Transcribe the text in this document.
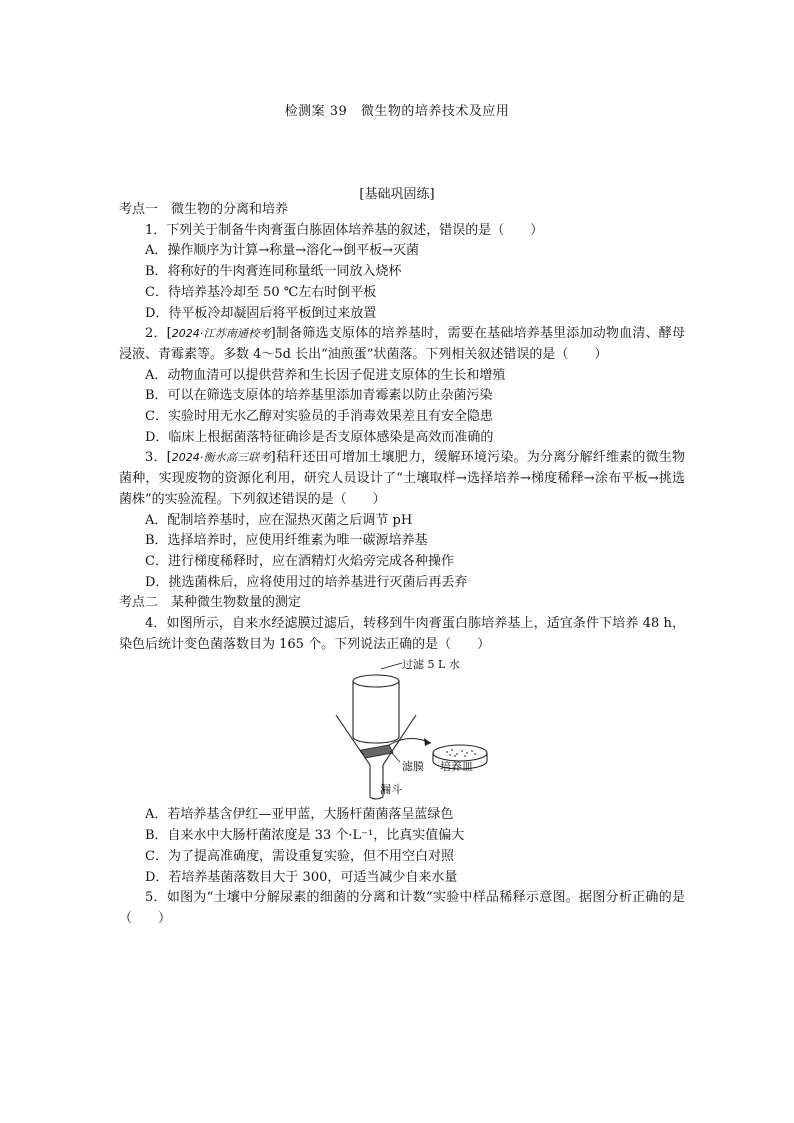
检测案 39　微生物的培养技术及应用
[基础巩固练]
考点一　微生物的分离和培养
1．下列关于制备牛肉膏蛋白胨固体培养基的叙述，错误的是（　　）
A．操作顺序为计算→称量→溶化→倒平板→灭菌
B．将称好的牛肉膏连同称量纸一同放入烧杯
C．待培养基冷却至 50 ℃左右时倒平板
D．待平板冷却凝固后将平板倒过来放置
2．[2024·江苏南通校考]制备筛选支原体的培养基时，需要在基础培养基里添加动物血清、酵母浸液、青霉素等。多数 4～5d 长出“油煎蛋”状菌落。下列相关叙述错误的是（　　）
A．动物血清可以提供营养和生长因子促进支原体的生长和增殖
B．可以在筛选支原体的培养基里添加青霉素以防止杂菌污染
C．实验时用无水乙醇对实验员的手消毒效果差且有安全隐患
D．临床上根据菌落特征确诊是否支原体感染是高效而准确的
3．[2024·衡水高三联考]秸秆还田可增加土壤肥力，缓解环境污染。为分离分解纤维素的微生物菌种，实现废物的资源化利用，研究人员设计了“土壤取样→选择培养→梯度稀释→涂布平板→挑选菌株”的实验流程。下列叙述错误的是（　　）
A．配制培养基时，应在湿热灭菌之后调节 pH
B．选择培养时，应使用纤维素为唯一碳源培养基
C．进行梯度稀释时，应在酒精灯火焰旁完成各种操作
D．挑选菌株后，应将使用过的培养基进行灭菌后再丢弃
考点二　某种微生物数量的测定
4．如图所示，自来水经滤膜过滤后，转移到牛肉膏蛋白胨培养基上，适宜条件下培养 48 h，染色后统计变色菌落数目为 165 个。下列说法正确的是（　　）
过滤 5 L 水
滤膜 培养皿
漏斗
A．若培养基含伊红—亚甲蓝，大肠杆菌菌落呈蓝绿色
B．自来水中大肠杆菌浓度是 33 个·L⁻¹，比真实值偏大
C．为了提高准确度，需设重复实验，但不用空白对照
D．若培养基菌落数目大于 300，可适当减少自来水量
5．如图为“土壤中分解尿素的细菌的分离和计数”实验中样品稀释示意图。据图分析正确的是（　　）
